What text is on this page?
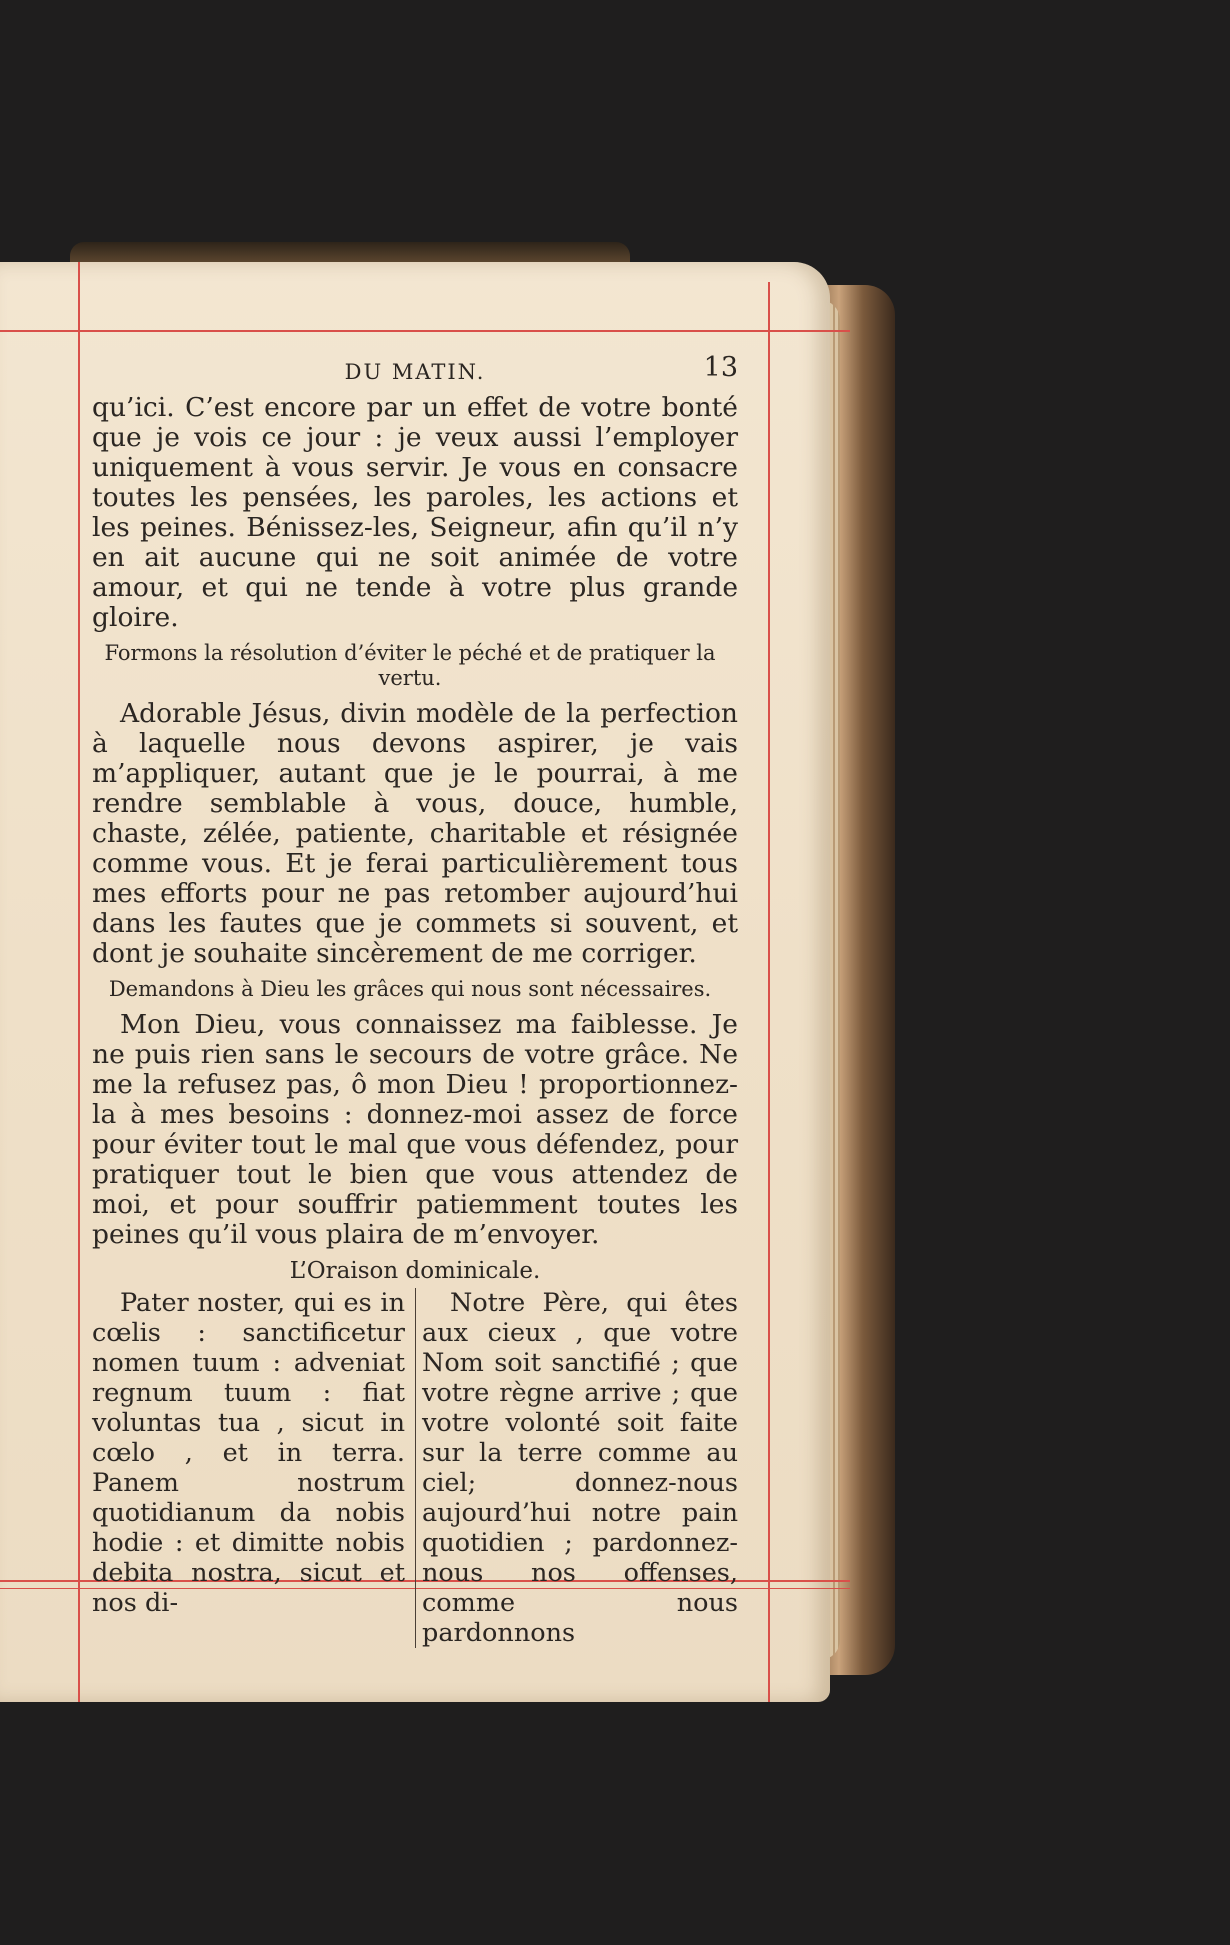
DU MATIN.	13

qu’ici. C’est encore par un effet de votre bonté que je vois ce jour : je veux aussi l’employer uniquement à vous servir. Je vous en consacre toutes les pensées, les paroles, les actions et les peines. Bénissez-les, Seigneur, afin qu’il n’y en ait aucune qui ne soit animée de votre amour, et qui ne tende à votre plus grande gloire.

Formons la résolution d’éviter le péché et de pratiquer la vertu.

Adorable Jésus, divin modèle de la perfection à laquelle nous devons aspirer, je vais m’appliquer, autant que je le pourrai, à me rendre semblable à vous, douce, humble, chaste, zélée, patiente, charitable et résignée comme vous. Et je ferai particulièrement tous mes efforts pour ne pas retomber aujourd’hui dans les fautes que je commets si souvent, et dont je souhaite sincèrement de me corriger.

Demandons à Dieu les grâces qui nous sont nécessaires.

Mon Dieu, vous connaissez ma faiblesse. Je ne puis rien sans le secours de votre grâce. Ne me la refusez pas, ô mon Dieu ! proportionnez-la à mes besoins : donnez-moi assez de force pour éviter tout le mal que vous défendez, pour pratiquer tout le bien que vous attendez de moi, et pour souffrir patiemment toutes les peines qu’il vous plaira de m’envoyer.

L’Oraison dominicale.

Pater noster, qui es in cœlis : sanctificetur nomen tuum : adveniat regnum tuum : fiat voluntas tua , sicut in cœlo , et in terra. Panem nostrum quotidianum da nobis hodie : et dimitte nobis debita nostra, sicut et nos di-

Notre Père, qui êtes aux cieux , que votre Nom soit sanctifié ; que votre règne arrive ; que votre volonté soit faite sur la terre comme au ciel; donnez-nous aujourd’hui notre pain quotidien ; pardonnez-nous nos offenses, comme nous pardonnons
